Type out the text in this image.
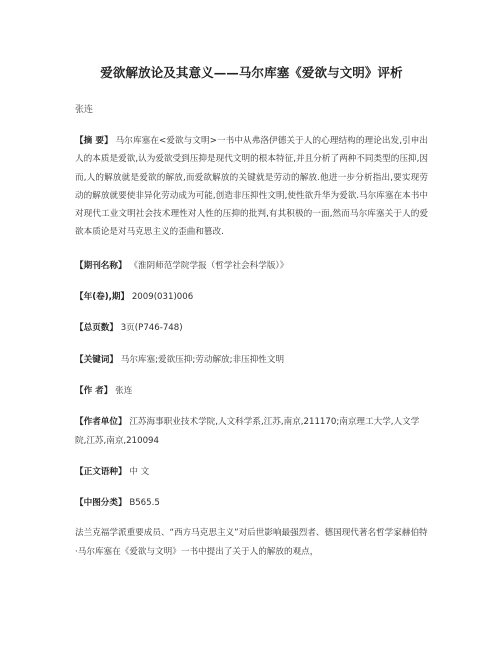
爱欲解放论及其意义——马尔库塞《爱欲与文明》评析
张连
【摘 要】 马尔库塞在<爱欲与文明>一书中从弗洛伊德关于人的心理结构的理论出发,引申出人的本质是爱欲,认为爱欲受到压抑是现代文明的根本特征,并且分析了两种不同类型的压抑,因而,人的解放就是爱欲的解放,而爱欲解放的关键就是劳动的解放.他进一步分析指出,要实现劳动的解放就要使非异化劳动成为可能,创造非压抑性文明,使性欲升华为爱欲.马尔库塞在本书中对现代工业文明社会技术理性对人性的压抑的批判,有其积极的一面,然而马尔库塞关于人的爱欲本质论是对马克思主义的歪曲和篡改.
【期刊名称】 《淮阴师范学院学报（哲学社会科学版）》
【年(卷),期】 2009(031)006
【总页数】 3页(P746-748)
【关键词】 马尔库塞;爱欲压抑;劳动解放;非压抑性文明
【作 者】 张连
【作者单位】 江苏海事职业技术学院,人文科学系,江苏,南京,211170;南京理工大学,人文学院,江苏,南京,210094
【正文语种】 中 文
【中图分类】 B565.5
法兰克福学派重要成员、“西方马克思主义”对后世影响最强烈者、德国现代著名哲学家赫伯特·马尔库塞在《爱欲与文明》一书中提出了关于人的解放的观点，
